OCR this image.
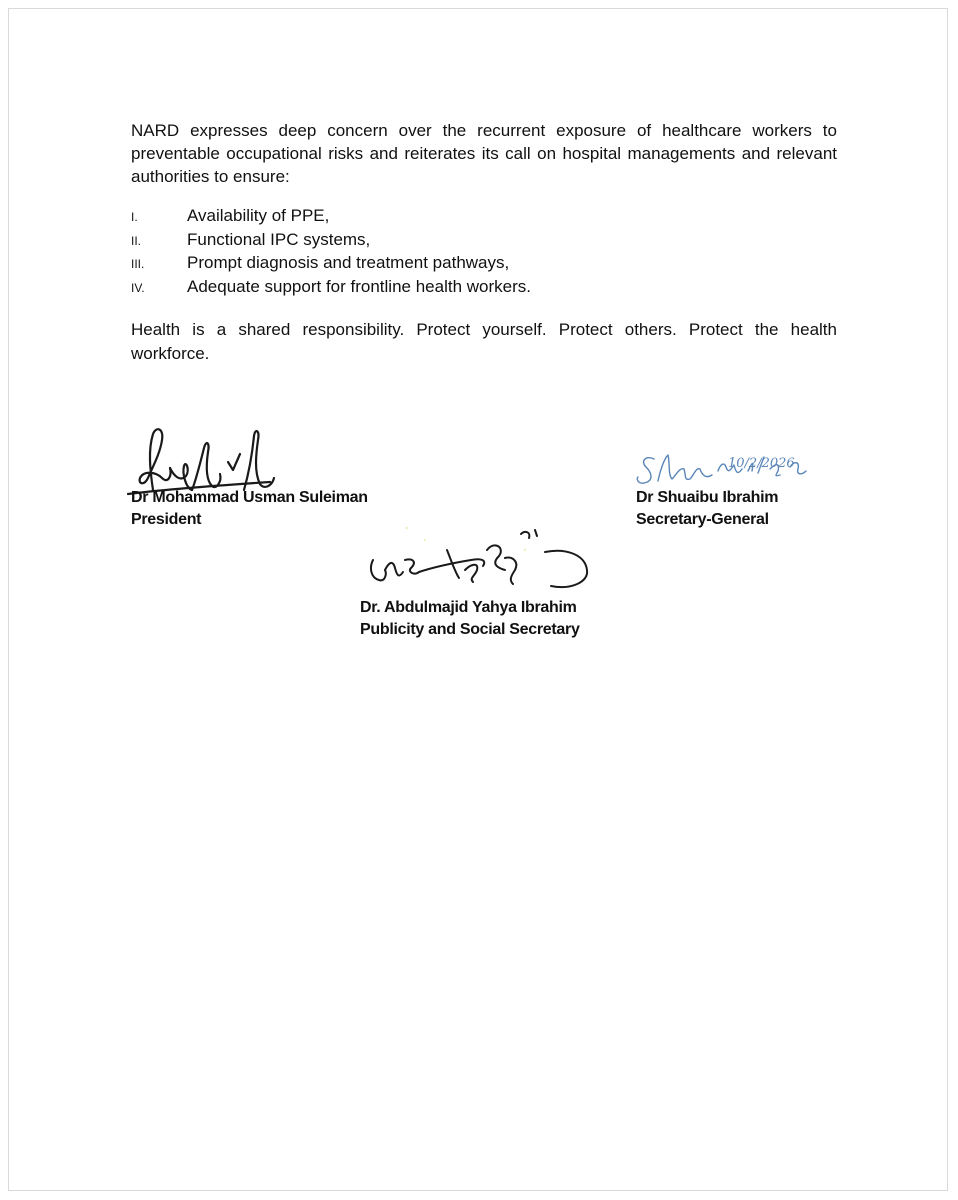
NARD expresses deep concern over the recurrent exposure of healthcare workers to preventable occupational risks and reiterates its call on hospital managements and relevant authorities to ensure:

I.	Availability of PPE,
II.	Functional IPC systems,
III.	Prompt diagnosis and treatment pathways,
IV.	Adequate support for frontline health workers.

Health is a shared responsibility. Protect yourself. Protect others. Protect the health workforce.

Dr Mohammad Usman Suleiman
President
10/2/2026
Dr Shuaibu Ibrahim
Secretary-General
Dr. Abdulmajid Yahya Ibrahim
Publicity and Social Secretary
